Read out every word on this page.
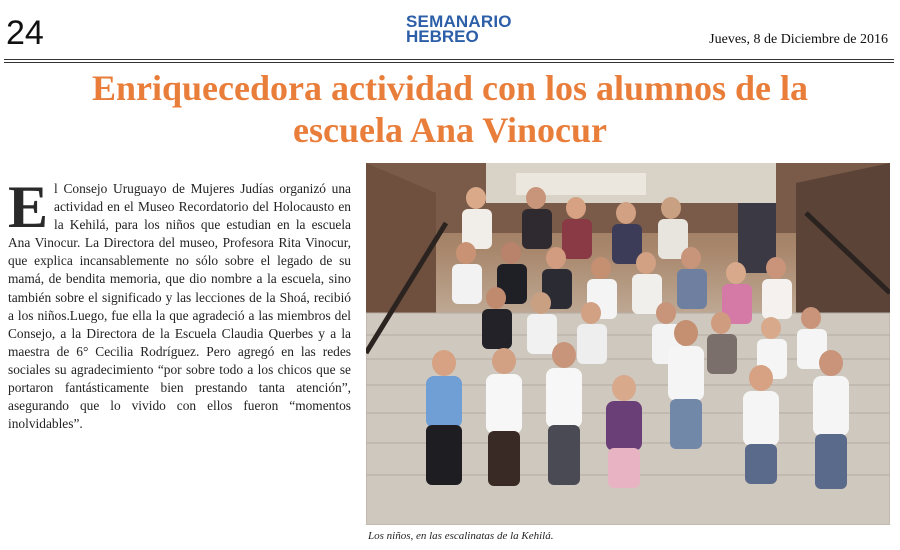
24	SEMANARIO
HEBREO	Jueves, 8 de Diciembre de 2016
Enriquecedora actividad con los alumnos de la
escuela Ana Vinocur
E l Consejo Uruguayo de Mujeres Judías organizó una actividad en el Museo Recordatorio del Holocausto en la Kehilá, para los niños que estudian en la escuela Ana Vinocur. La Directora del museo, Profesora Rita Vinocur, que explica incansablemente no sólo sobre el legado de su mamá, de bendita memoria, que dio nombre a la escuela, sino también sobre el significado y las lecciones de la Shoá, recibió a los niños.Luego, fue ella la que agradeció a las miembros del Consejo, a la Directora de la Escuela Claudia Querbes y a la maestra de 6° Cecilia Rodríguez. Pero agregó en las redes sociales su agradecimiento “por sobre todo a los chicos que se portaron fantásticamente bien prestando tanta atención”, asegurando que lo vivido con ellos fueron “momentos inolvidables”.
Los niños, en las escalinatas de la Kehilá.
